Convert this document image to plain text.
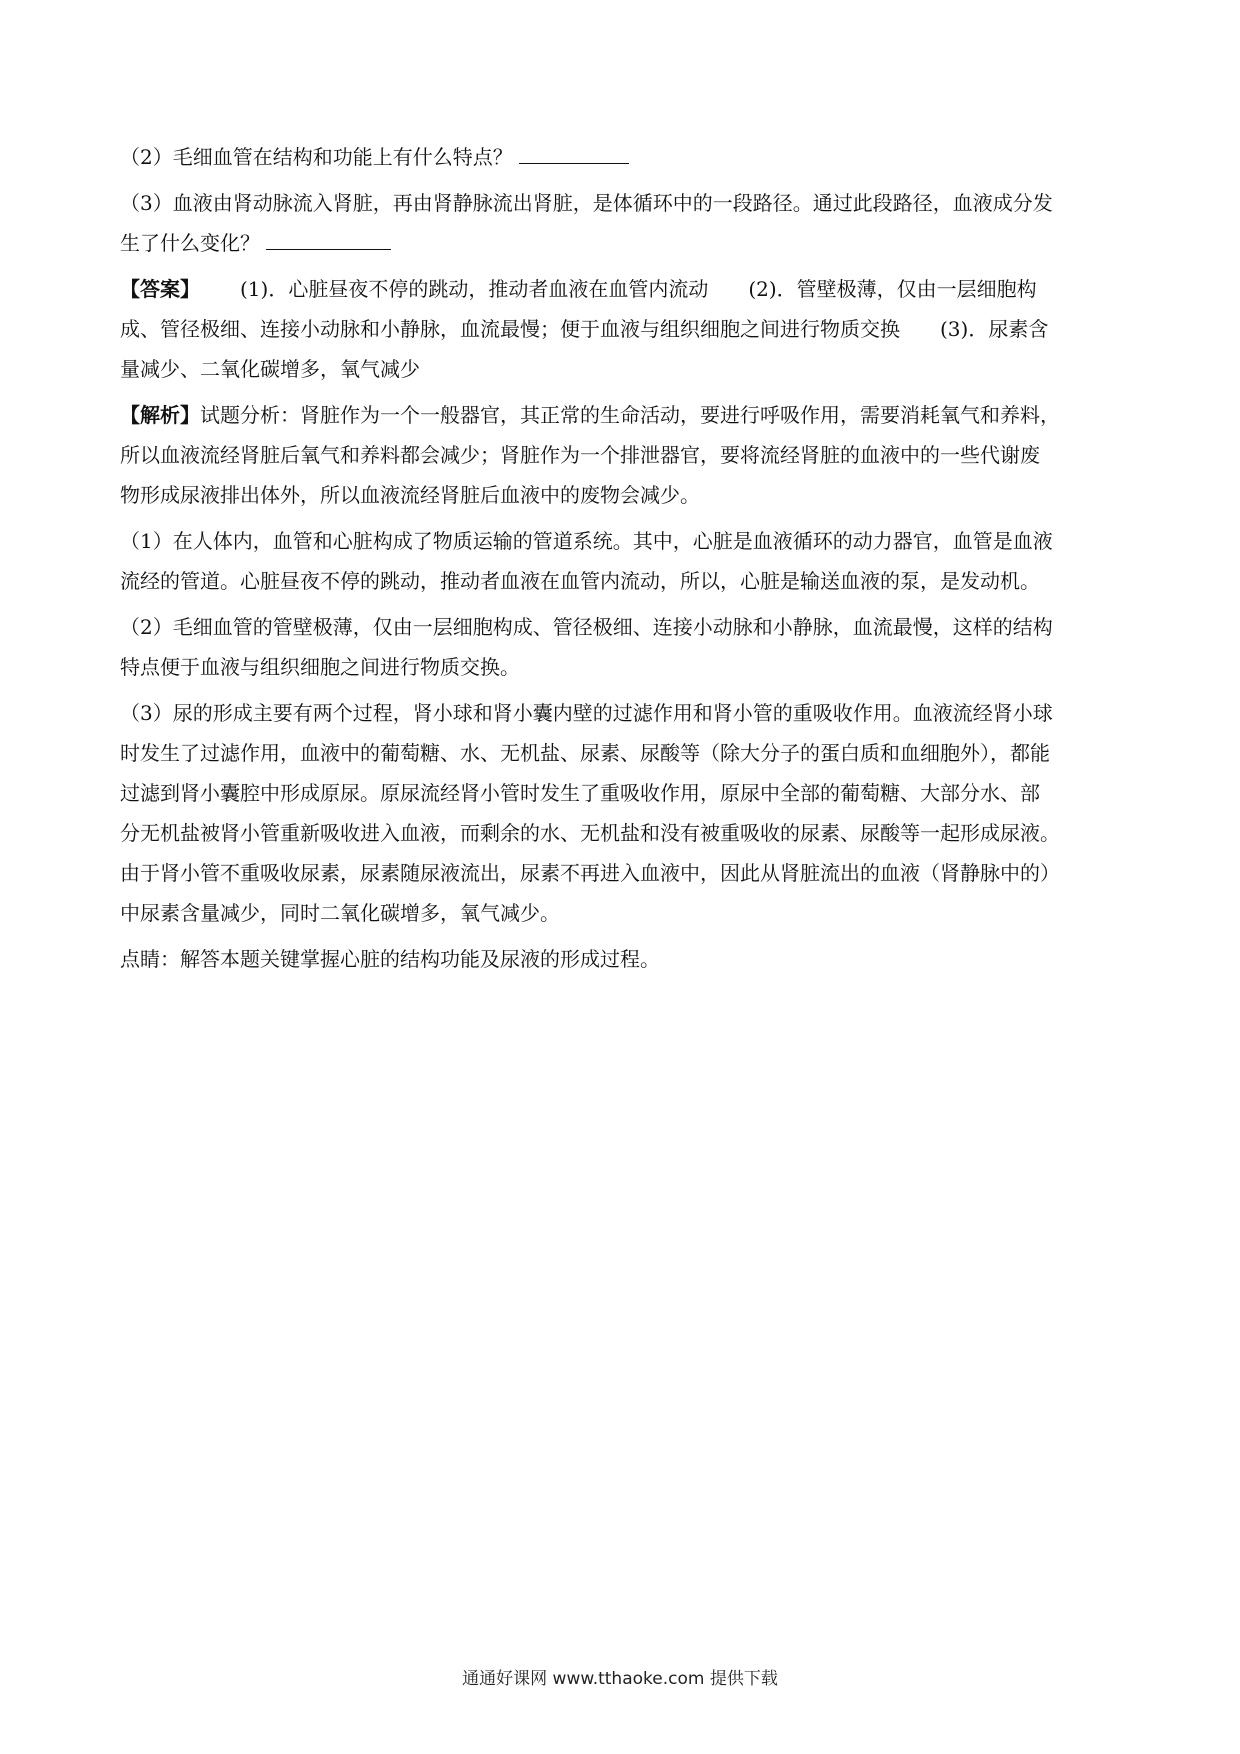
（2）毛细血管在结构和功能上有什么特点？
（3）血液由肾动脉流入肾脏，再由肾静脉流出肾脏，是体循环中的一段路径。通过此段路径，血液成分发
生了什么变化？
【答案】 (1)．心脏昼夜不停的跳动，推动者血液在血管内流动 (2)．管壁极薄，仅由一层细胞构
成、管径极细、连接小动脉和小静脉，血流最慢；便于血液与组织细胞之间进行物质交换 (3)．尿素含
量减少、二氧化碳增多，氧气减少
【解析】试题分析：肾脏作为一个一般器官，其正常的生命活动，要进行呼吸作用，需要消耗氧气和养料，
所以血液流经肾脏后氧气和养料都会减少；肾脏作为一个排泄器官，要将流经肾脏的血液中的一些代谢废
物形成尿液排出体外，所以血液流经肾脏后血液中的废物会减少。
（1）在人体内，血管和心脏构成了物质运输的管道系统。其中，心脏是血液循环的动力器官，血管是血液
流经的管道。心脏昼夜不停的跳动，推动者血液在血管内流动，所以，心脏是输送血液的泵，是发动机。
（2）毛细血管的管壁极薄，仅由一层细胞构成、管径极细、连接小动脉和小静脉，血流最慢，这样的结构
特点便于血液与组织细胞之间进行物质交换。
（3）尿的形成主要有两个过程，肾小球和肾小囊内壁的过滤作用和肾小管的重吸收作用。血液流经肾小球
时发生了过滤作用，血液中的葡萄糖、水、无机盐、尿素、尿酸等（除大分子的蛋白质和血细胞外），都能
过滤到肾小囊腔中形成原尿。原尿流经肾小管时发生了重吸收作用，原尿中全部的葡萄糖、大部分水、部
分无机盐被肾小管重新吸收进入血液，而剩余的水、无机盐和没有被重吸收的尿素、尿酸等一起形成尿液。
由于肾小管不重吸收尿素，尿素随尿液流出，尿素不再进入血液中，因此从肾脏流出的血液（肾静脉中的）
中尿素含量减少，同时二氧化碳增多，氧气减少。
点睛：解答本题关键掌握心脏的结构功能及尿液的形成过程。
通通好课网 www.tthaoke.com 提供下载
